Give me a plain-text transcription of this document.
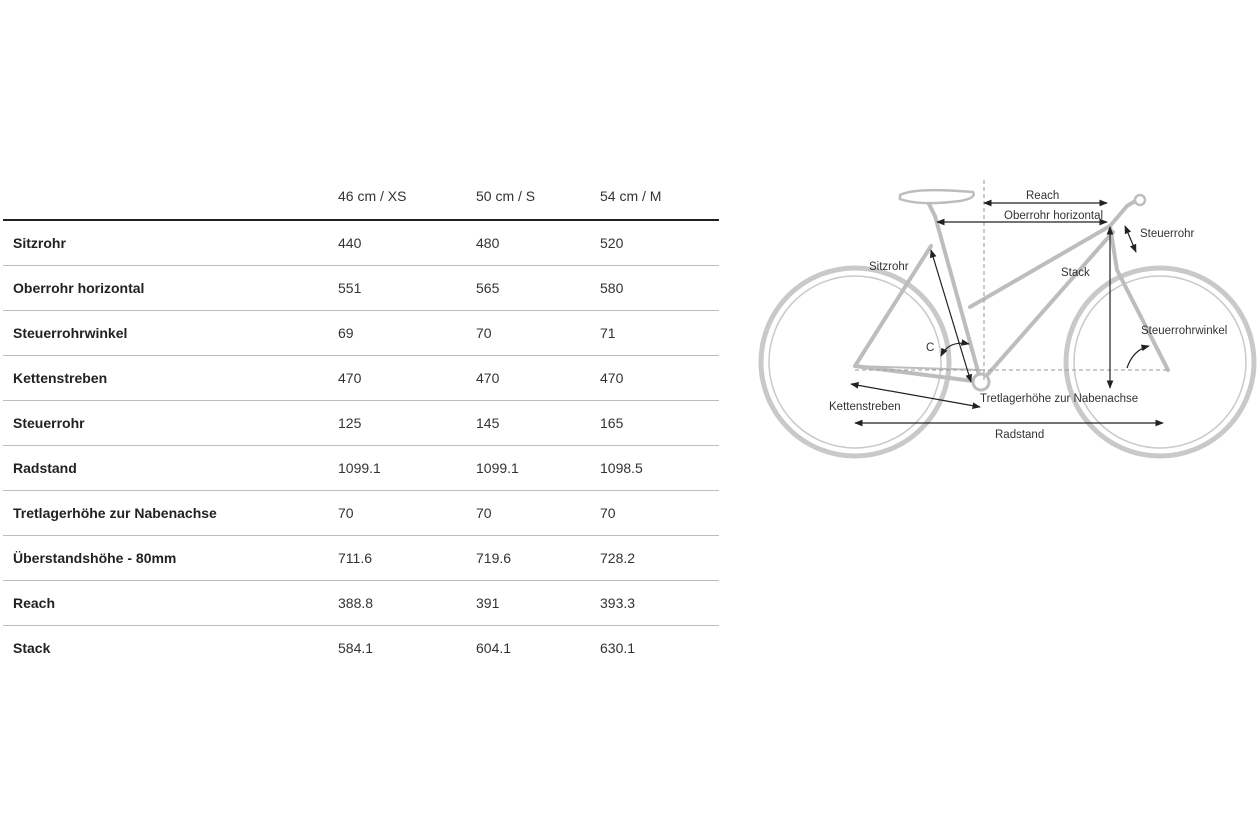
	46 cm / XS	50 cm / S	54 cm / M
Sitzrohr	440	480	520
Oberrohr horizontal	551	565	580
Steuerrohrwinkel	69	70	71
Kettenstreben	470	470	470
Steuerrohr	125	145	165
Radstand	1099.1	1099.1	1098.5
Tretlagerhöhe zur Nabenachse	70	70	70
Überstandshöhe - 80mm	711.6	719.6	728.2
Reach	388.8	391	393.3
Stack	584.1	604.1	630.1
Reach
Oberrohr horizontal
Steuerrohr
Sitzrohr	Stack
Steuerrohrwinkel
C
Kettenstreben
Tretlagerhöhe zur Nabenachse
Radstand
